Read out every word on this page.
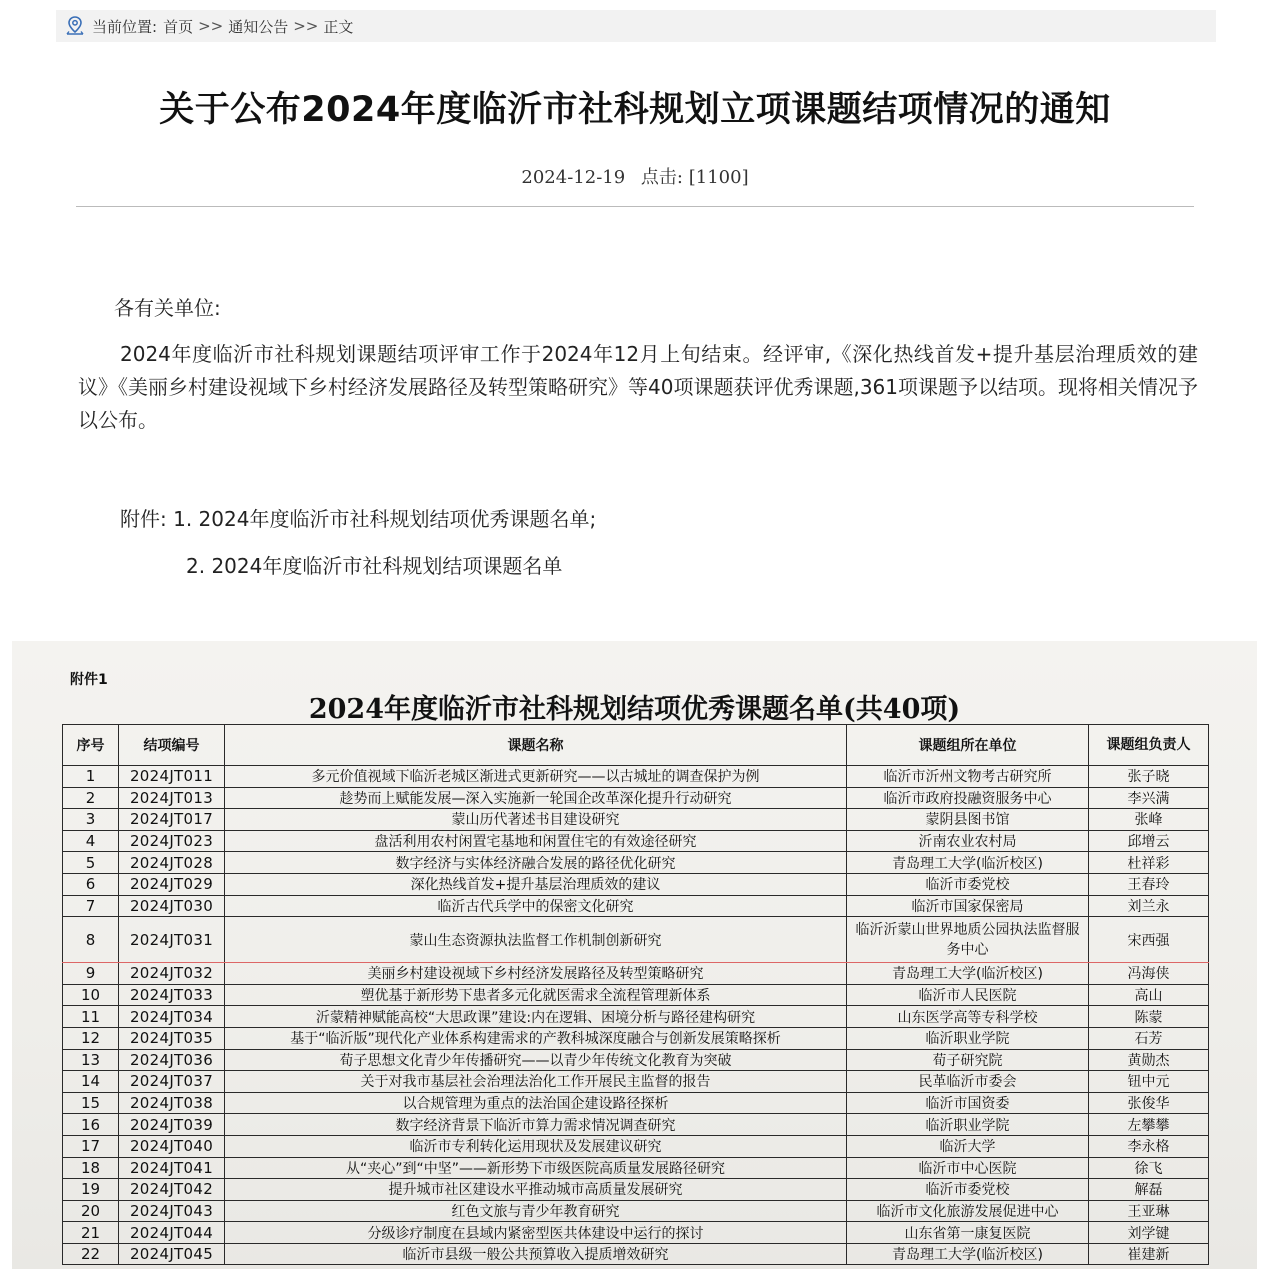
当前位置: 首页 >> 通知公告 >> 正文
关于公布2024年度临沂市社科规划立项课题结项情况的通知
2024-12-19 点击: [1100]
各有关单位:
2024年度临沂市社科规划课题结项评审工作于2024年12月上旬结束。经评审,《深化热线首发+提升基层治理质效的建议》《美丽乡村建设视域下乡村经济发展路径及转型策略研究》等40项课题获评优秀课题,361项课题予以结项。现将相关情况予以公布。
附件: 1. 2024年度临沂市社科规划结项优秀课题名单;
2. 2024年度临沂市社科规划结项课题名单
附件1
2024年度临沂市社科规划结项优秀课题名单(共40项)
序号	结项编号	课题名称	课题组所在单位	课题组负责人
1	2024JT011	多元价值视域下临沂老城区渐进式更新研究——以古城址的调查保护为例	临沂市沂州文物考古研究所	张子晓
2	2024JT013	趁势而上赋能发展—深入实施新一轮国企改革深化提升行动研究	临沂市政府投融资服务中心	李兴满
3	2024JT017	蒙山历代著述书目建设研究	蒙阴县图书馆	张峰
4	2024JT023	盘活利用农村闲置宅基地和闲置住宅的有效途径研究	沂南农业农村局	邱增云
5	2024JT028	数字经济与实体经济融合发展的路径优化研究	青岛理工大学(临沂校区)	杜祥彩
6	2024JT029	深化热线首发+提升基层治理质效的建议	临沂市委党校	王春玲
7	2024JT030	临沂古代兵学中的保密文化研究	临沂市国家保密局	刘兰永
8	2024JT031	蒙山生态资源执法监督工作机制创新研究	临沂沂蒙山世界地质公园执法监督服务中心	宋西强
9	2024JT032	美丽乡村建设视域下乡村经济发展路径及转型策略研究	青岛理工大学(临沂校区)	冯海侠
10	2024JT033	塑优基于新形势下患者多元化就医需求全流程管理新体系	临沂市人民医院	高山
11	2024JT034	沂蒙精神赋能高校“大思政课”建设:内在逻辑、困境分析与路径建构研究	山东医学高等专科学校	陈蒙
12	2024JT035	基于“临沂版”现代化产业体系构建需求的产教科城深度融合与创新发展策略探析	临沂职业学院	石芳
13	2024JT036	荀子思想文化青少年传播研究——以青少年传统文化教育为突破	荀子研究院	黄勋杰
14	2024JT037	关于对我市基层社会治理法治化工作开展民主监督的报告	民革临沂市委会	钮中元
15	2024JT038	以合规管理为重点的法治国企建设路径探析	临沂市国资委	张俊华
16	2024JT039	数字经济背景下临沂市算力需求情况调查研究	临沂职业学院	左攀攀
17	2024JT040	临沂市专利转化运用现状及发展建议研究	临沂大学	李永格
18	2024JT041	从“夹心”到“中坚”——新形势下市级医院高质量发展路径研究	临沂市中心医院	徐飞
19	2024JT042	提升城市社区建设水平推动城市高质量发展研究	临沂市委党校	解磊
20	2024JT043	红色文旅与青少年教育研究	临沂市文化旅游发展促进中心	王亚琳
21	2024JT044	分级诊疗制度在县域内紧密型医共体建设中运行的探讨	山东省第一康复医院	刘学键
22	2024JT045	临沂市县级一般公共预算收入提质增效研究	青岛理工大学(临沂校区)	崔建新
